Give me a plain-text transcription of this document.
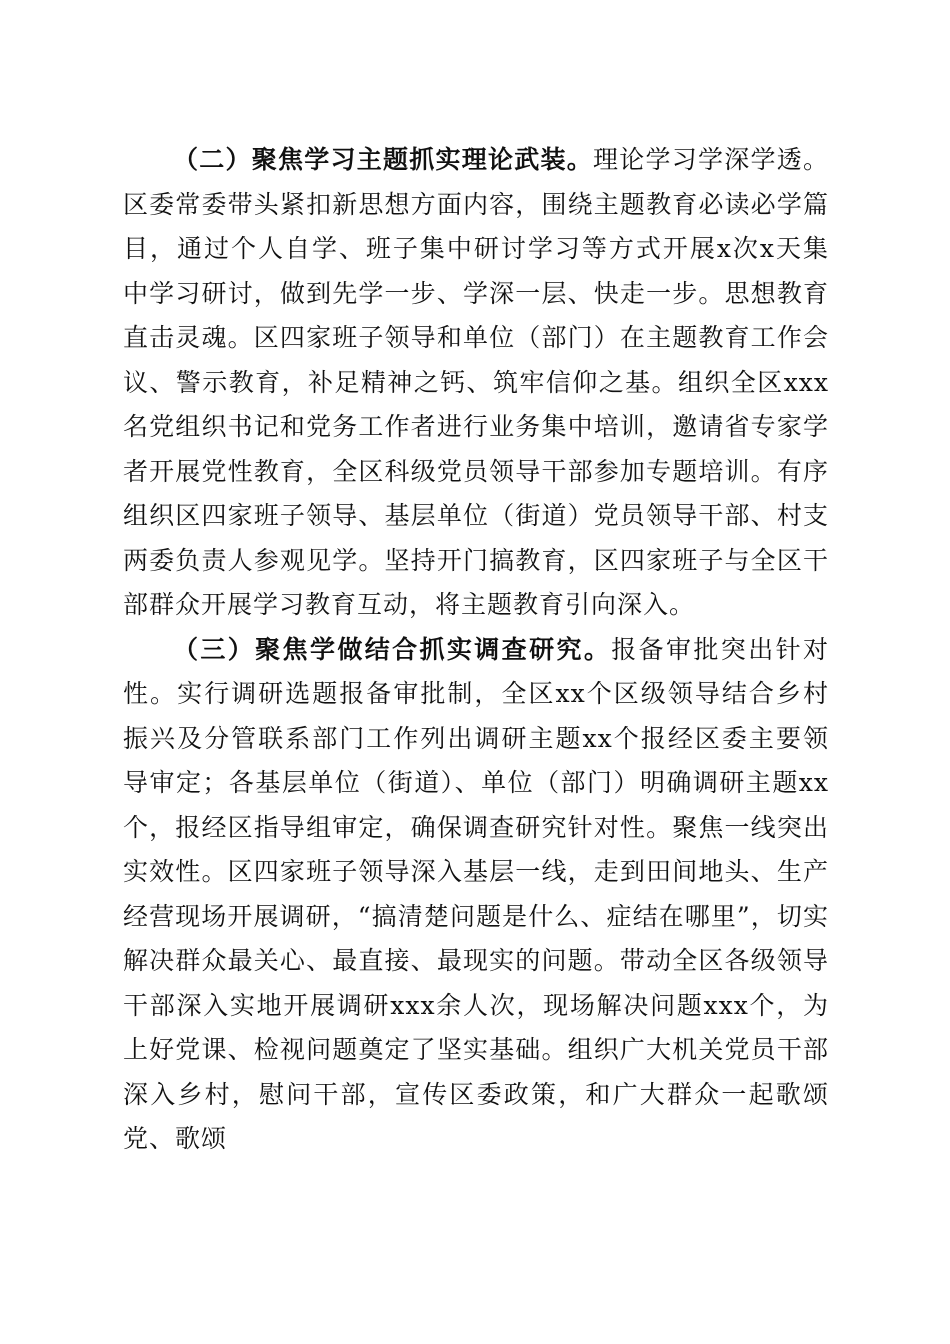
（二）聚焦学习主题抓实理论武装。理论学习学深学透。区委常委带头紧扣新思想方面内容，围绕主题教育必读必学篇目，通过个人自学、班子集中研讨学习等方式开展x次x天集中学习研讨，做到先学一步、学深一层、快走一步。思想教育直击灵魂。区四家班子领导和单位（部门）在主题教育工作会议、警示教育，补足精神之钙、筑牢信仰之基。组织全区xxx名党组织书记和党务工作者进行业务集中培训，邀请省专家学者开展党性教育，全区科级党员领导干部参加专题培训。有序组织区四家班子领导、基层单位（街道）党员领导干部、村支两委负责人参观见学。坚持开门搞教育，区四家班子与全区干部群众开展学习教育互动，将主题教育引向深入。

（三）聚焦学做结合抓实调查研究。报备审批突出针对性。实行调研选题报备审批制，全区xx个区级领导结合乡村振兴及分管联系部门工作列出调研主题xx个报经区委主要领导审定；各基层单位（街道）、单位（部门）明确调研主题xx个，报经区指导组审定，确保调查研究针对性。聚焦一线突出实效性。区四家班子领导深入基层一线，走到田间地头、生产经营现场开展调研，“搞清楚问题是什么、症结在哪里”，切实解决群众最关心、最直接、最现实的问题。带动全区各级领导干部深入实地开展调研xxx余人次，现场解决问题xxx个，为上好党课、检视问题奠定了坚实基础。组织广大机关党员干部深入乡村，慰问干部，宣传区委政策，和广大群众一起歌颂党、歌颂
